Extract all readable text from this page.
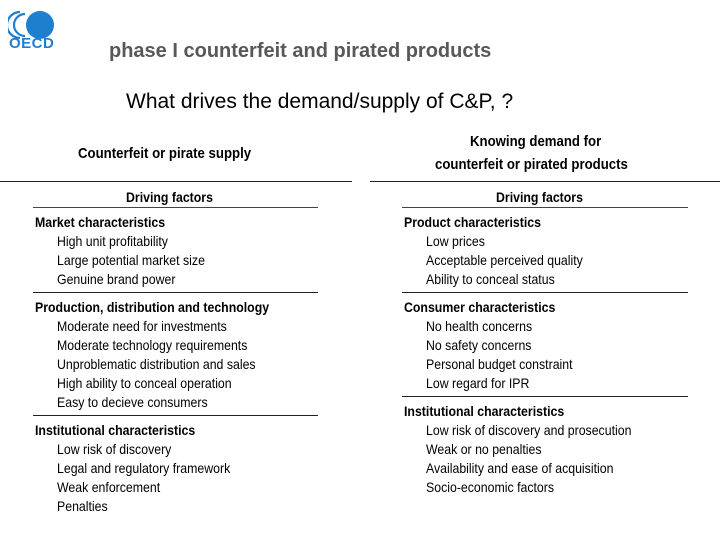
OECD	phase I counterfeit and pirated products
What drives the demand/supply of C&P, ?
Counterfeit or pirate supply
Driving factors
Market characteristics
High unit profitability
Large potential market size
Genuine brand power
Production, distribution and technology
Moderate need for investments
Moderate technology requirements
Unproblematic distribution and sales
High ability to conceal operation
Easy to decieve consumers
Institutional characteristics
Low risk of discovery
Legal and regulatory framework
Weak enforcement
Penalties
Knowing demand for
counterfeit or pirated products
Driving factors
Product characteristics
Low prices
Acceptable perceived quality
Ability to conceal status
Consumer characteristics
No health concerns
No safety concerns
Personal budget constraint
Low regard for IPR
Institutional characteristics
Low risk of discovery and prosecution
Weak or no penalties
Availability and ease of acquisition
Socio-economic factors
